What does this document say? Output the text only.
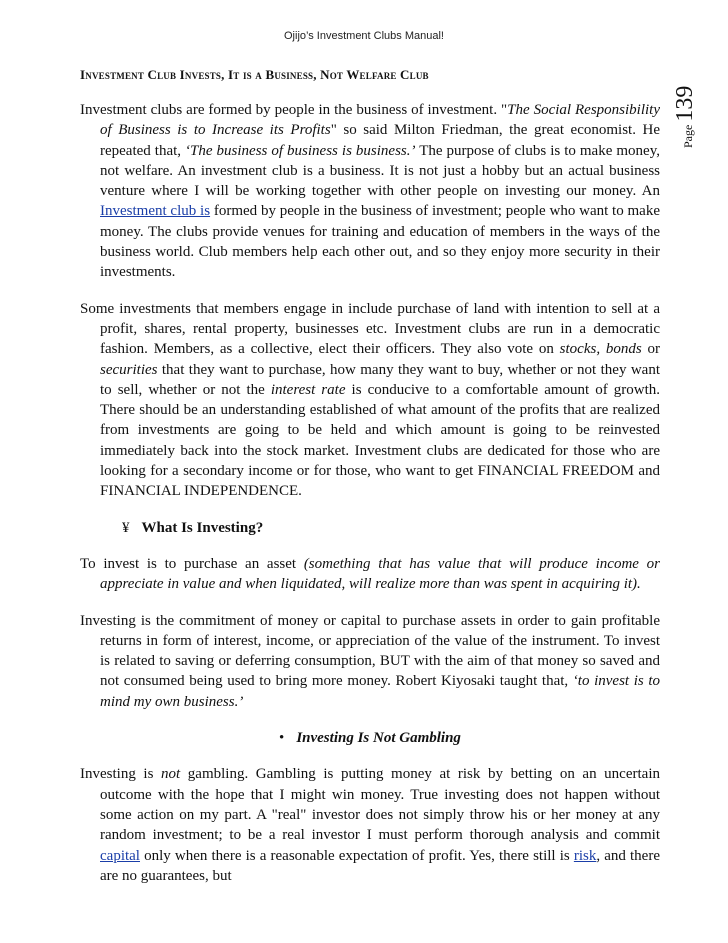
Ojijo’s Investment Clubs Manual!
Page139
Investment Club Invests, It is a Business, Not Welfare Club

Investment clubs are formed by people in the business of investment. "The Social Responsibility of Business is to Increase its Profits" so said Milton Friedman, the great economist. He repeated that, ‘The business of business is business.’ The purpose of clubs is to make money, not welfare. An investment club is a business. It is not just a hobby but an actual business venture where I will be working together with other people on investing our money. An Investment club is formed by people in the business of investment; people who want to make money. The clubs provide venues for training and education of members in the ways of the business world. Club members help each other out, and so they enjoy more security in their investments.

Some investments that members engage in include purchase of land with intention to sell at a profit, shares, rental property, businesses etc. Investment clubs are run in a democratic fashion. Members, as a collective, elect their officers. They also vote on stocks, bonds or securities that they want to purchase, how many they want to buy, whether or not they want to sell, whether or not the interest rate is conducive to a comfortable amount of growth. There should be an understanding established of what amount of the profits that are realized from investments are going to be held and which amount is going to be reinvested immediately back into the stock market. Investment clubs are dedicated for those who are looking for a secondary income or for those, who want to get FINANCIAL FREEDOM and FINANCIAL INDEPENDENCE.

¥ What Is Investing?

To invest is to purchase an asset (something that has value that will produce income or appreciate in value and when liquidated, will realize more than was spent in acquiring it).

Investing is the commitment of money or capital to purchase assets in order to gain profitable returns in form of interest, income, or appreciation of the value of the instrument. To invest is related to saving or deferring consumption, BUT with the aim of that money so saved and not consumed being used to bring more money. Robert Kiyosaki taught that, ‘to invest is to mind my own business.’

• Investing Is Not Gambling

Investing is not gambling. Gambling is putting money at risk by betting on an uncertain outcome with the hope that I might win money. True investing does not happen without some action on my part. A "real" investor does not simply throw his or her money at any random investment; to be a real investor I must perform thorough analysis and commit capital only when there is a reasonable expectation of profit. Yes, there still is risk, and there are no guarantees, but
